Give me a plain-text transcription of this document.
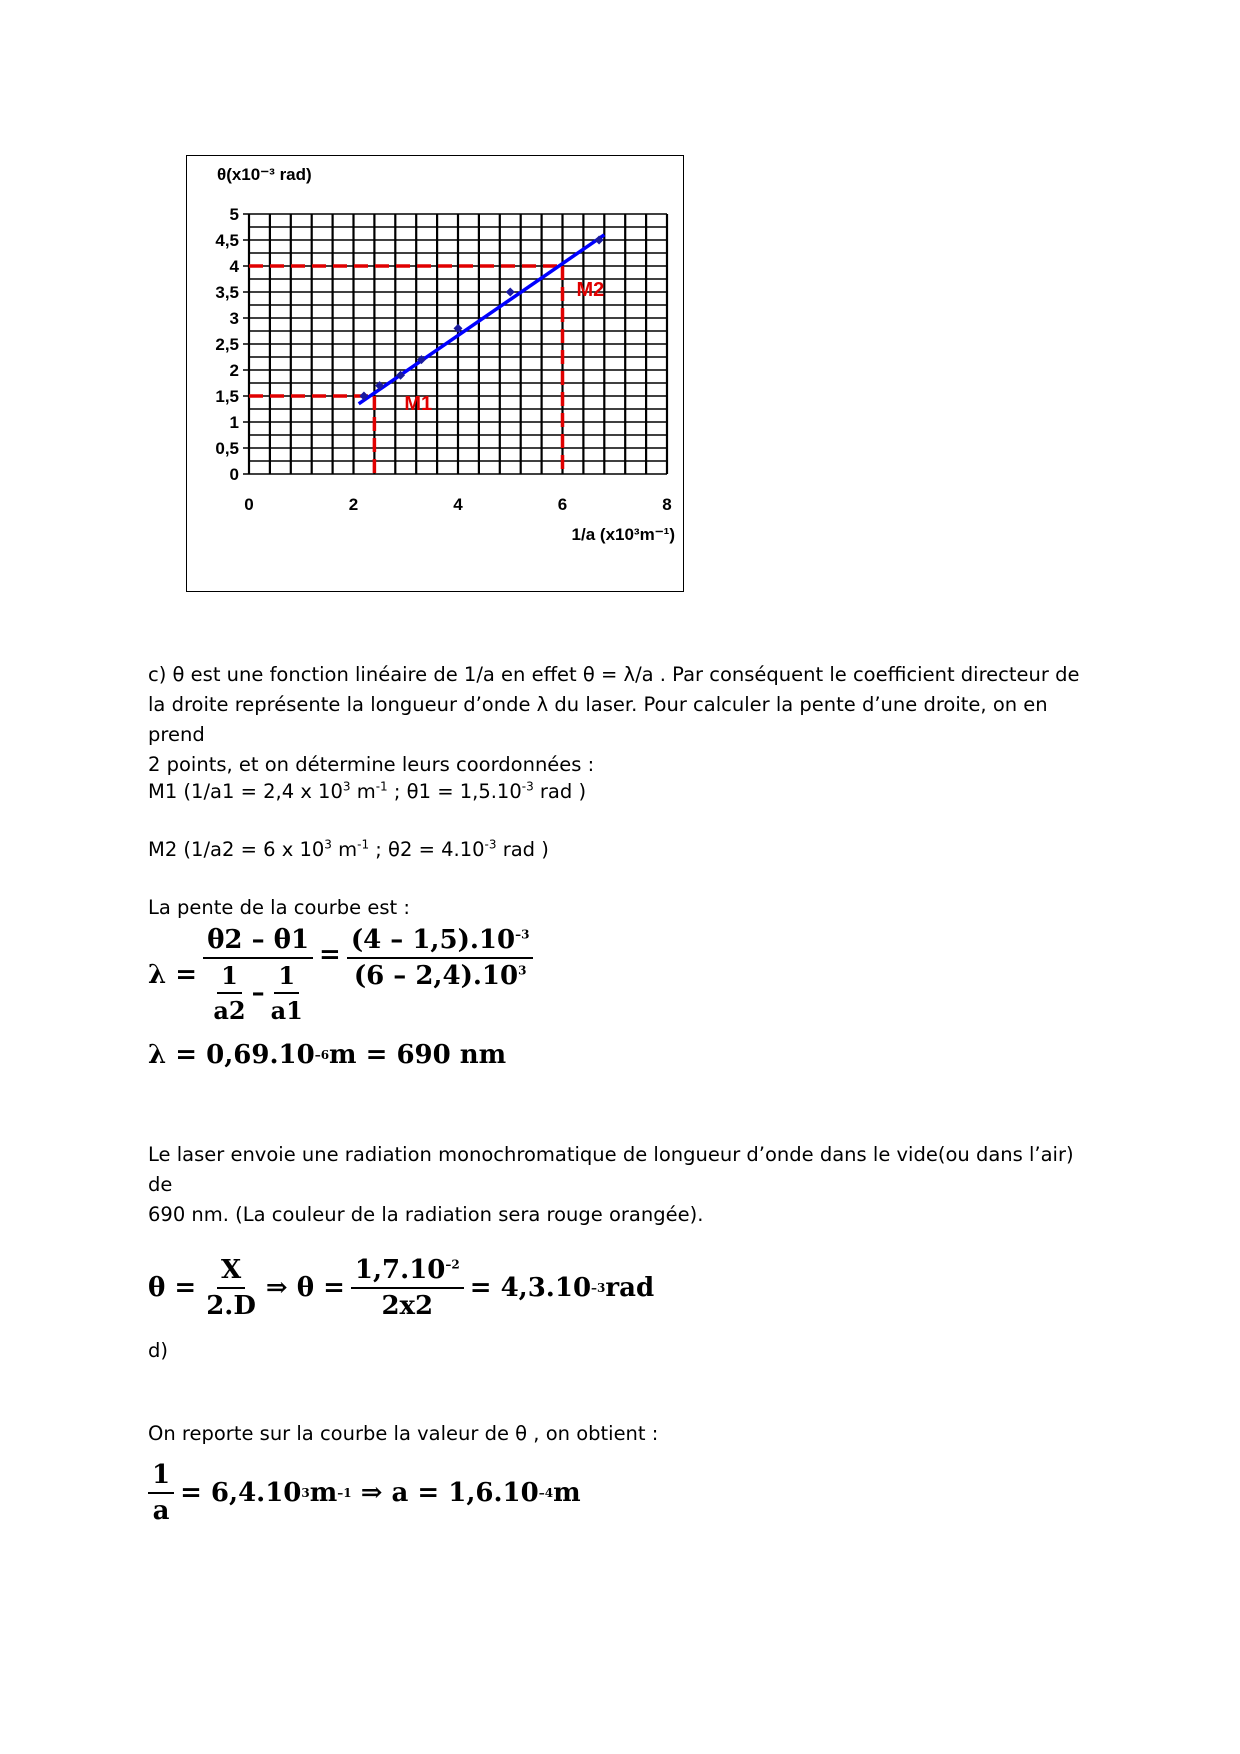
0
0,5
1
1,5
2
2,5
3
3,5
4
4,5
5
0	2	4	6	8
θ(x10⁻³ rad)
1/a (x10³m⁻¹)
M1
M2

c) θ est une fonction linéaire de 1/a en effet θ = λ/a . Par conséquent le coefficient directeur de

la droite représente la longueur d’onde λ du laser. Pour calculer la pente d’une droite, on en prend

2 points, et on détermine leurs coordonnées :

M1 (1/a1 = 2,4 x $10^3$ $m^{-1}$ ; $\theta 1 = 1,5.10^{-3}$ rad )

M2 (1/a2 = 6 x $10^3$ $m^{-1}$ ; $\theta 2 = 4.10^{-3}$ rad )

La pente de la courbe est :

$\lambda = \frac{\theta 2 - \theta 1}{\frac{1}{a2} - \frac{1}{a1}} = \frac{(4 - 1,5).10^{-3}}{(6 - 2,4).10^3}$
λ = 0,69.10 –6 m = 690 nm

Le laser envoie une radiation monochromatique de longueur d’onde dans le vide(ou dans l’air) de

690 nm. (La couleur de la radiation sera rouge orangée).

$\theta = \frac{X}{2.D}$ ⇒ $\theta = \frac{1,7.10^{-2}}{2x2} = 4,3.10$ –3 rad

d)

On reporte sur la courbe la valeur de θ , on obtient :

$\frac{1}{a} = 6,4.10$ 3 m –1 ⇒ a = 1,6.10 –4 m
